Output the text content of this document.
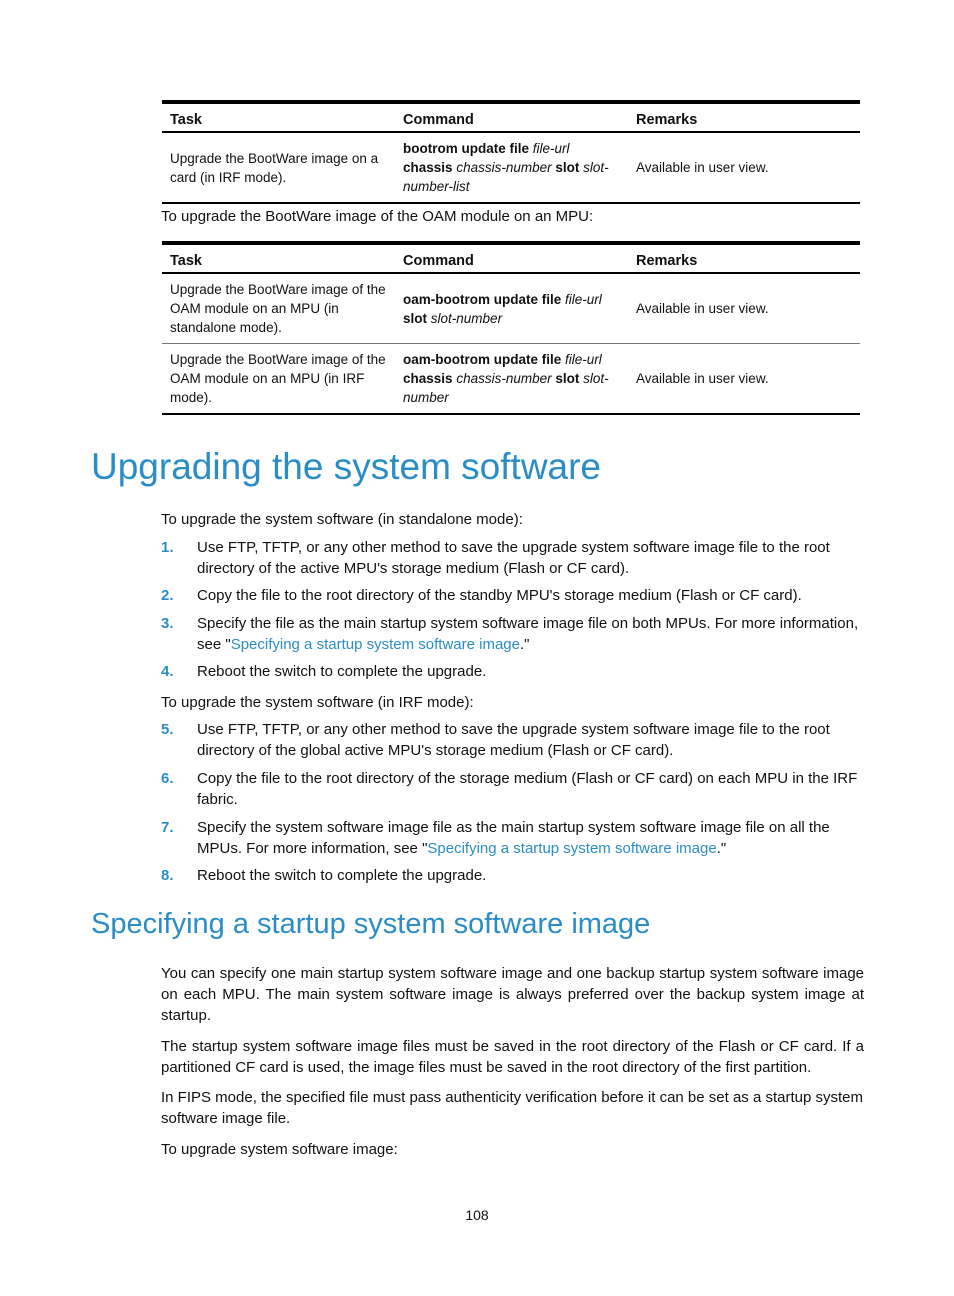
Task	Command	Remarks
Upgrade the BootWare image on a card (in IRF mode).	bootrom update file file-url chassis chassis-number slot slot-number-list	Available in user view.

To upgrade the BootWare image of the OAM module on an MPU:

Task	Command	Remarks
Upgrade the BootWare image of the OAM module on an MPU (in standalone mode).	oam-bootrom update file file-url slot slot-number	Available in user view.
Upgrade the BootWare image of the OAM module on an MPU (in IRF mode).	oam-bootrom update file file-url chassis chassis-number slot slot-number	Available in user view.
Upgrading the system software

To upgrade the system software (in standalone mode):

1. Use FTP, TFTP, or any other method to save the upgrade system software image file to the root directory of the active MPU's storage medium (Flash or CF card).
2. Copy the file to the root directory of the standby MPU's storage medium (Flash or CF card).
3. Specify the file as the main startup system software image file on both MPUs. For more information, see "Specifying a startup system software image."
4. Reboot the switch to complete the upgrade.

To upgrade the system software (in IRF mode):

5. Use FTP, TFTP, or any other method to save the upgrade system software image file to the root directory of the global active MPU's storage medium (Flash or CF card).
6. Copy the file to the root directory of the storage medium (Flash or CF card) on each MPU in the IRF fabric.
7. Specify the system software image file as the main startup system software image file on all the MPUs. For more information, see "Specifying a startup system software image."
8. Reboot the switch to complete the upgrade.
Specifying a startup system software image

You can specify one main startup system software image and one backup startup system software image on each MPU. The main system software image is always preferred over the backup system image at startup.

The startup system software image files must be saved in the root directory of the Flash or CF card. If a partitioned CF card is used, the image files must be saved in the root directory of the first partition.

In FIPS mode, the specified file must pass authenticity verification before it can be set as a startup system software image file.

To upgrade system software image:

108
